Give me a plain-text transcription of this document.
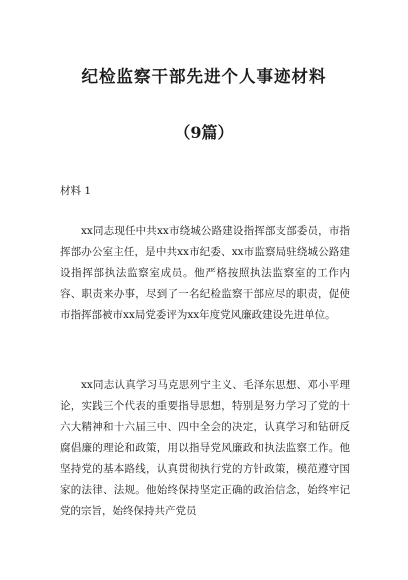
纪检监察干部先进个人事迹材料
（9篇）
材料 1

xx同志现任中共xx市绕城公路建设指挥部支部委员，市指挥部办公室主任，是中共xx市纪委、xx市监察局驻绕城公路建设指挥部执法监察室成员。他严格按照执法监察室的工作内容、职责来办事，尽到了一名纪检监察干部应尽的职责，促使市指挥部被市xx局党委评为xx年度党风廉政建设先进单位。

xx同志认真学习马克思列宁主义、毛泽东思想、邓小平理论，实践三个代表的重要指导思想，特别是努力学习了党的十六大精神和十六届三中、四中全会的决定，认真学习和钻研反腐倡廉的理论和政策，用以指导党风廉政和执法监察工作。他坚持党的基本路线，认真贯彻执行党的方针政策，模范遵守国家的法律、法规。他始终保持坚定正确的政治信念，始终牢记党的宗旨，始终保持共产党员
